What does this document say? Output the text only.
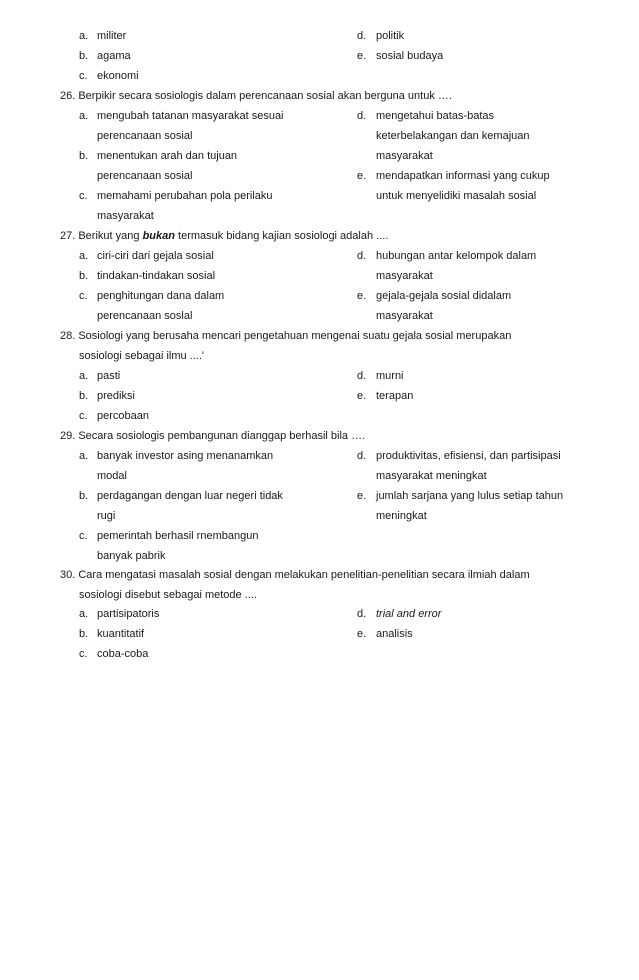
a. militer	d. politik
b. agama	e. sosial budaya
c. ekonomi
26. Berpikir secara sosiologis dalam perencanaan sosial akan berguna untuk ….
a. mengubah tatanan masyarakat sesuai	d. mengetahui batas-batas
perencanaan sosial	keterbelakangan dan kemajuan
b. menentukan arah dan tujuan	masyarakat
perencanaan sosial	e. mendapatkan informasi yang cukup
c. memahami perubahan pola perilaku	untuk menyelidiki masalah sosial
masyarakat
27. Berikut yang bukan termasuk bidang kajian sosiologi adalah ....
a. ciri-ciri dari gejala sosial	d. hubungan antar kelompok dalam
b. tindakan-tindakan sosial	masyarakat
c. penghitungan dana dalam	e. gejala-gejala sosial didalam
perencanaan soslal	masyarakat
28. Sosiologi yang berusaha mencari pengetahuan mengenai suatu gejala sosial merupakan
sosiologi sebagai ilmu ....'
a. pasti	d. murni
b. prediksi	e. terapan
c. percobaan
29. Secara sosiologis pembangunan dianggap berhasil bila ….
a. banyak investor asing menanamkan	d. produktivitas, efisiensi, dan partisipasi
modal	masyarakat meningkat
b. perdagangan dengan luar negeri tidak	e. jumlah sarjana yang lulus setiap tahun
rugi	meningkat
c. pemerintah berhasil rnembangun
banyak pabrik
30. Cara mengatasi masalah sosial dengan melakukan penelitian-penelitian secara ilmiah dalam
sosiologi disebut sebagai metode ....
a. partisipatoris	d. trial and error
b. kuantitatif	e. analisis
c. coba-coba
